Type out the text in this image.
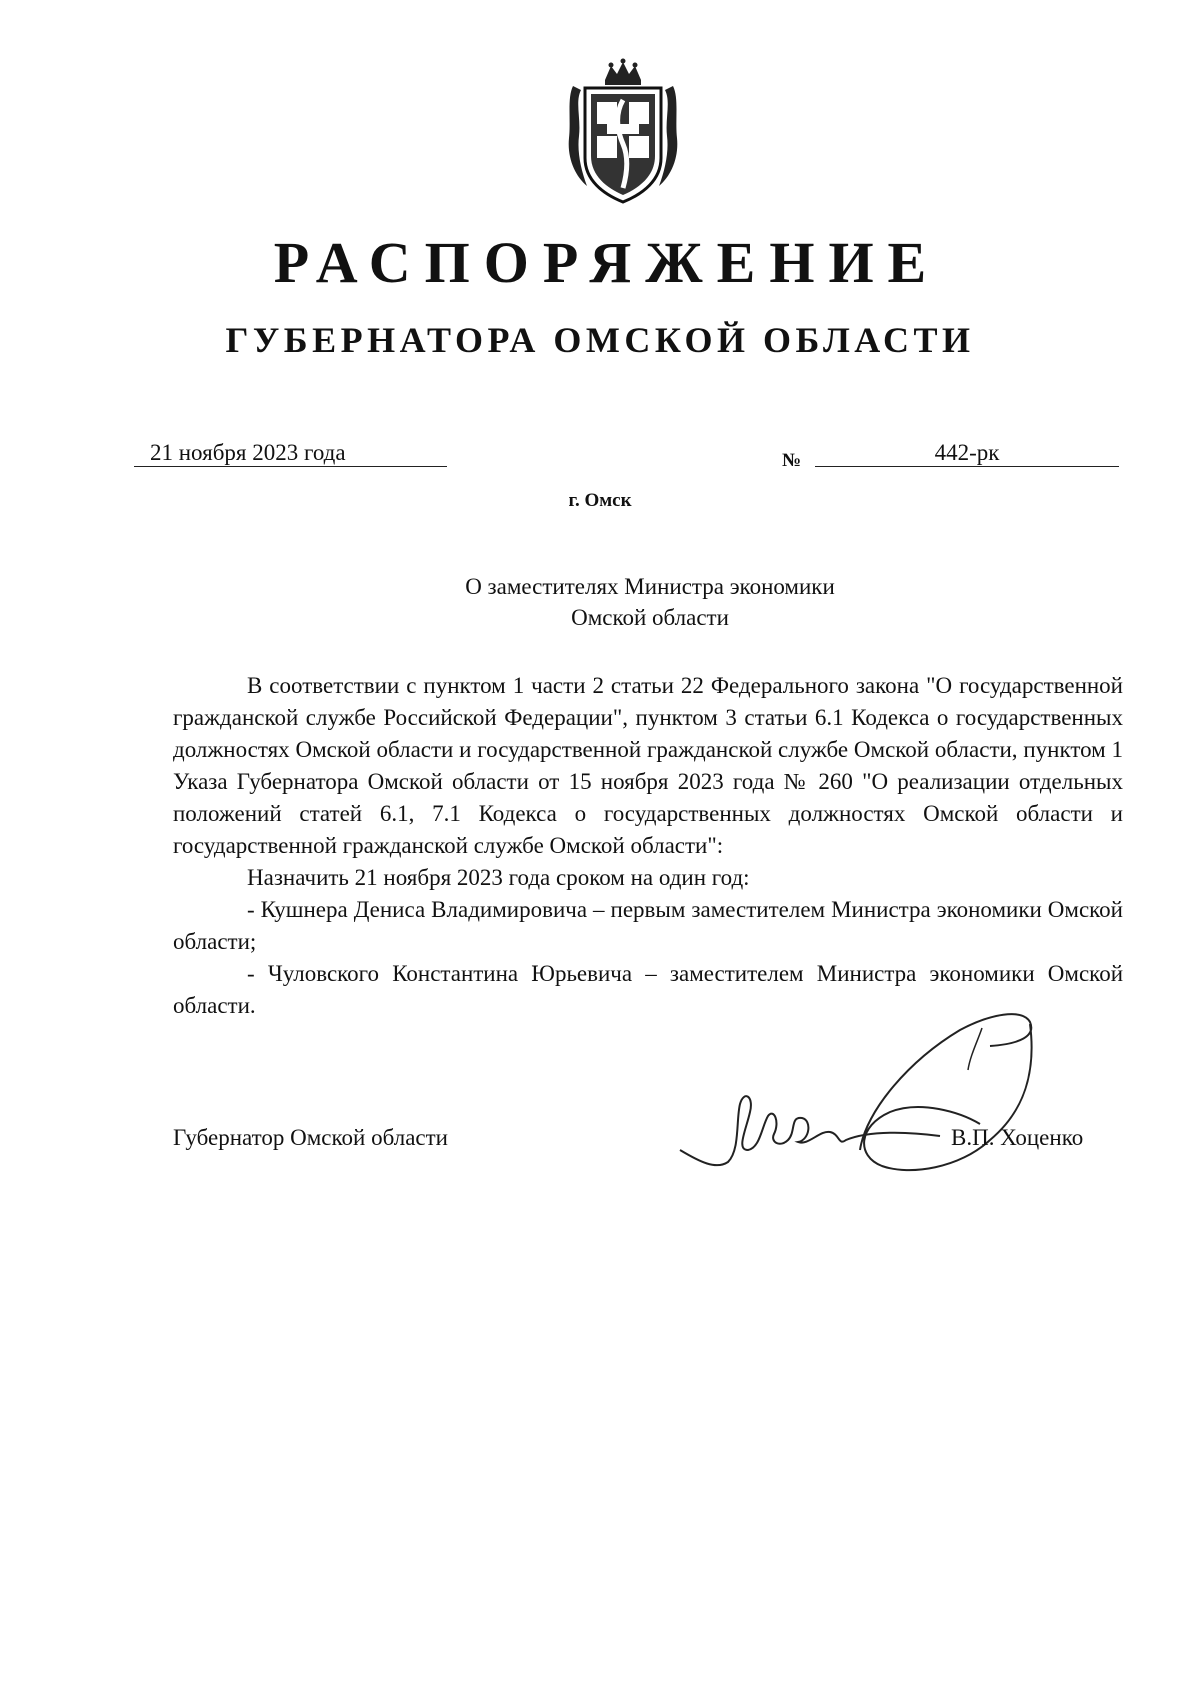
РАСПОРЯЖЕНИЕ
ГУБЕРНАТОРА ОМСКОЙ ОБЛАСТИ
21 ноября 2023 года	№	442-рк
г. Омск
О заместителях Министра экономики
Омской области

В соответствии с пунктом 1 части 2 статьи 22 Федерального закона "О государственной гражданской службе Российской Федерации", пунктом 3 статьи 6.1 Кодекса о государственных должностях Омской области и государственной гражданской службе Омской области, пунктом 1 Указа Губернатора Омской области от 15 ноября 2023 года № 260 "О реализации отдельных положений статей 6.1, 7.1 Кодекса о государственных должностях Омской области и государственной гражданской службе Омской области":

Назначить 21 ноября 2023 года сроком на один год:

- Кушнера Дениса Владимировича – первым заместителем Министра экономики Омской области;

- Чуловского Константина Юрьевича – заместителем Министра экономики Омской области.

Губернатор Омской области	В.П. Хоценко
